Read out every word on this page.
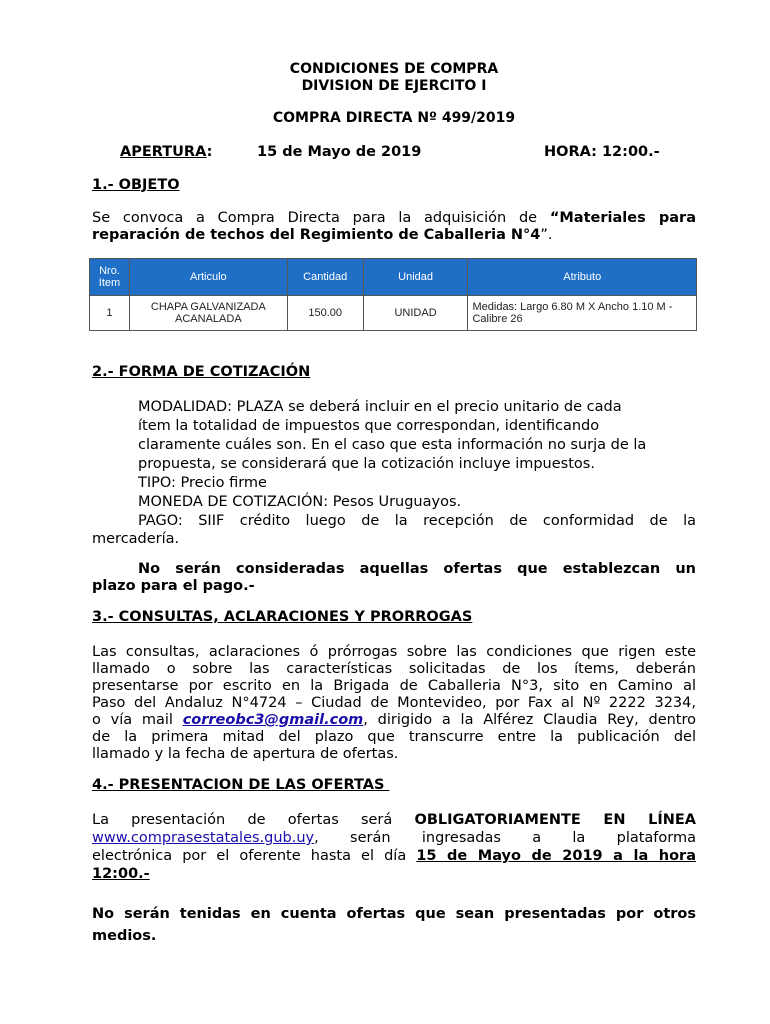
CONDICIONES DE COMPRA
DIVISION DE EJERCITO I
COMPRA DIRECTA Nº 499/2019
APERTURA:	15 de Mayo de 2019	HORA: 12:00.-
1.- OBJETO
Se convoca a Compra Directa para la adquisición de “Materiales para
reparación de techos del Regimiento de Caballeria N°4”.
Nro. Item	Articulo	Cantidad	Unidad	Atributo
1	CHAPA GALVANIZADA ACANALADA	150.00	UNIDAD	Medidas: Largo 6.80 M X Ancho 1.10 M - Calibre 26
2.- FORMA DE COTIZACIÓN
MODALIDAD: PLAZA se deberá incluir en el precio unitario de cada
ítem la totalidad de impuestos que correspondan, identificando
claramente cuáles son. En el caso que esta información no surja de la
propuesta, se considerará que la cotización incluye impuestos.
TIPO: Precio firme
MONEDA DE COTIZACIÓN: Pesos Uruguayos.
PAGO: SIIF crédito luego de la recepción de conformidad de la
mercadería.
No serán consideradas aquellas ofertas que establezcan un
plazo para el pago.-
3.- CONSULTAS, ACLARACIONES Y PRORROGAS
Las consultas, aclaraciones ó prórrogas sobre las condiciones que rigen este
llamado o sobre las características solicitadas de los ítems, deberán
presentarse por escrito en la Brigada de Caballeria N°3, sito en Camino al
Paso del Andaluz N°4724 – Ciudad de Montevideo, por Fax al Nº 2222 3234,
o vía mail correobc3@gmail.com, dirigido a la Alférez Claudia Rey, dentro
de la primera mitad del plazo que transcurre entre la publicación del
llamado y la fecha de apertura de ofertas.
4.- PRESENTACION DE LAS OFERTAS
La presentación de ofertas será OBLIGATORIAMENTE EN LÍNEA
www.comprasestatales.gub.uy, serán ingresadas a la plataforma
electrónica por el oferente hasta el día 15 de Mayo de 2019 a la hora
12:00.-
No serán tenidas en cuenta ofertas que sean presentadas por otros
medios.
